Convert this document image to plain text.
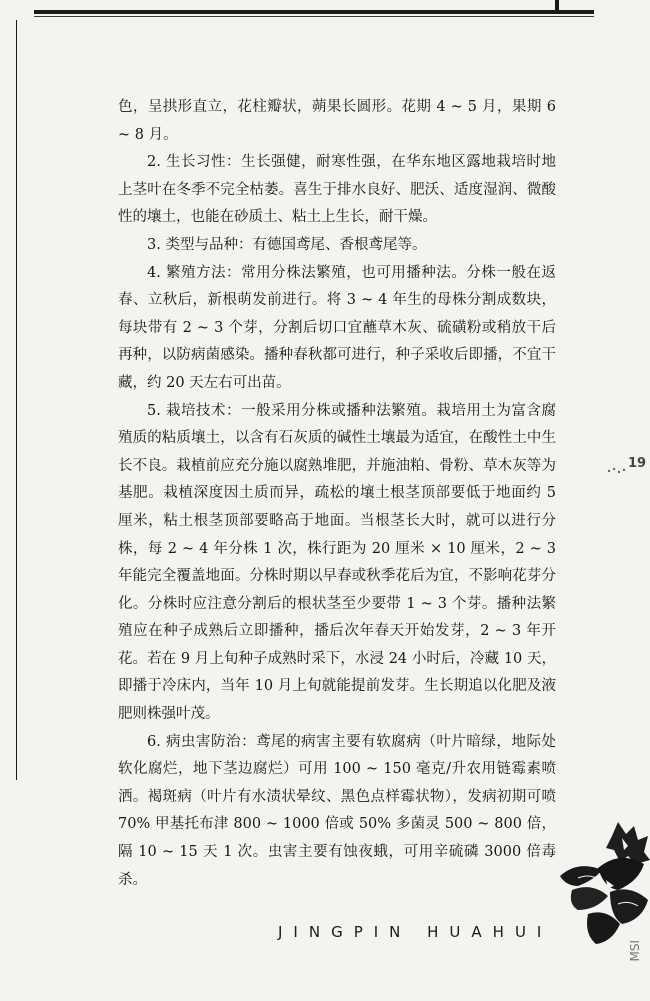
色，呈拱形直立，花柱瓣状，蒴果长圆形。花期 4 ~ 5 月，果期 6 ~ 8 月。

2. 生长习性：生长强健，耐寒性强，在华东地区露地栽培时地上茎叶在冬季不完全枯萎。喜生于排水良好、肥沃、适度湿润、微酸性的壤土，也能在砂质土、粘土上生长，耐干燥。

3. 类型与品种：有德国鸢尾、香根鸢尾等。

4. 繁殖方法：常用分株法繁殖，也可用播种法。分株一般在返春、立秋后，新根萌发前进行。将 3 ~ 4 年生的母株分割成数块，每块带有 2 ~ 3 个芽，分割后切口宜蘸草木灰、硫磺粉或稍放干后再种，以防病菌感染。播种春秋都可进行，种子采收后即播，不宜干藏，约 20 天左右可出苗。

5. 栽培技术：一般采用分株或播种法繁殖。栽培用土为富含腐殖质的粘质壤土，以含有石灰质的碱性土壤最为适宜，在酸性土中生长不良。栽植前应充分施以腐熟堆肥，并施油粕、骨粉、草木灰等为基肥。栽植深度因土质而异，疏松的壤土根茎顶部要低于地面约 5 厘米，粘土根茎顶部要略高于地面。当根茎长大时，就可以进行分株，每 2 ~ 4 年分株 1 次，株行距为 20 厘米 × 10 厘米，2 ~ 3 年能完全覆盖地面。分株时期以早春或秋季花后为宜，不影响花芽分化。分株时应注意分割后的根状茎至少要带 1 ~ 3 个芽。播种法繁殖应在种子成熟后立即播种，播后次年春天开始发芽，2 ~ 3 年开花。若在 9 月上旬种子成熟时采下，水浸 24 小时后，冷藏 10 天，即播于冷床内，当年 10 月上旬就能提前发芽。生长期追以化肥及液肥则株强叶茂。

6. 病虫害防治：鸢尾的病害主要有软腐病（叶片暗绿，地际处软化腐烂，地下茎边腐烂）可用 100 ~ 150 毫克/升农用链霉素喷洒。褐斑病（叶片有水渍状晕纹、黑色点样霉状物），发病初期可喷 70% 甲基托布津 800 ~ 1000 倍或 50% 多菌灵 500 ~ 800 倍，隔 10 ~ 15 天 1 次。虫害主要有蚀夜蛾，可用辛硫磷 3000 倍毒杀。

19
JINGPIN HUAHUI
MSI
